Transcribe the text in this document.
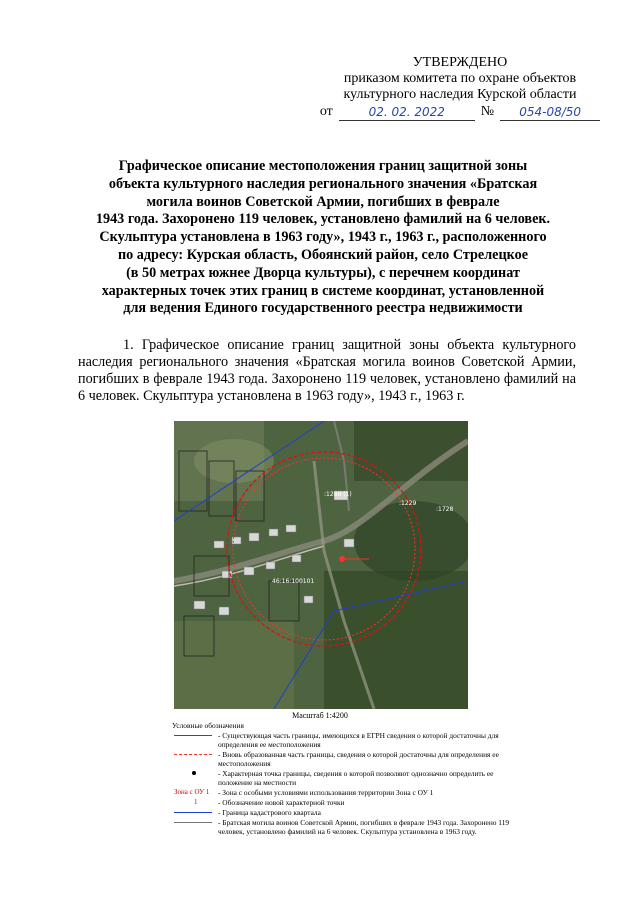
УТВЕРЖДЕНО
приказом комитета по охране объектов
культурного наследия Курской области
от	02. 02. 2022	№	054-08/50
Графическое описание местоположения границ защитной зоны
объекта культурного наследия регионального значения «Братская
могила воинов Советской Армии, погибших в феврале
1943 года. Захоронено 119 человек, установлено фамилий на 6 человек.
Скульптура установлена в 1963 году», 1943 г., 1963 г., расположенного
по адресу: Курская область, Обоянский район, село Стрелецкое
(в 50 метрах южнее Дворца культуры), с перечнем координат
характерных точек этих границ в системе координат, установленной
для ведения Единого государственного реестра недвижимости
1. Графическое описание границ защитной зоны объекта культурного наследия регионального значения «Братская могила воинов Советской Армии, погибших в феврале 1943 года. Захоронено 119 человек, установлено фамилий на 6 человек. Скульптура установлена в 1963 году», 1943 г., 1963 г.
:1288 (1)
:1229
:1728
46:16:100101
Масштаб 1:4200
Условные обозначения
- Существующая часть границы, имеющихся в ЕГРН сведения о которой достаточны для определения ее местоположения
- Вновь образованная часть границы, сведения о которой достаточны для определения ее местоположения
- Характерная точка границы, сведения о которой позволяют однозначно определить ее положение на местности
Зона с ОУ 1 - Зона с особыми условиями использования территории Зона с ОУ 1
1	- Обозначение новой характерной точки
- Граница кадастрового квартала
- Братская могила воинов Советской Армии, погибших в феврале 1943 года. Захоронено 119 человек, установлено фамилий на 6 человек. Скульптура установлена в 1963 году.
